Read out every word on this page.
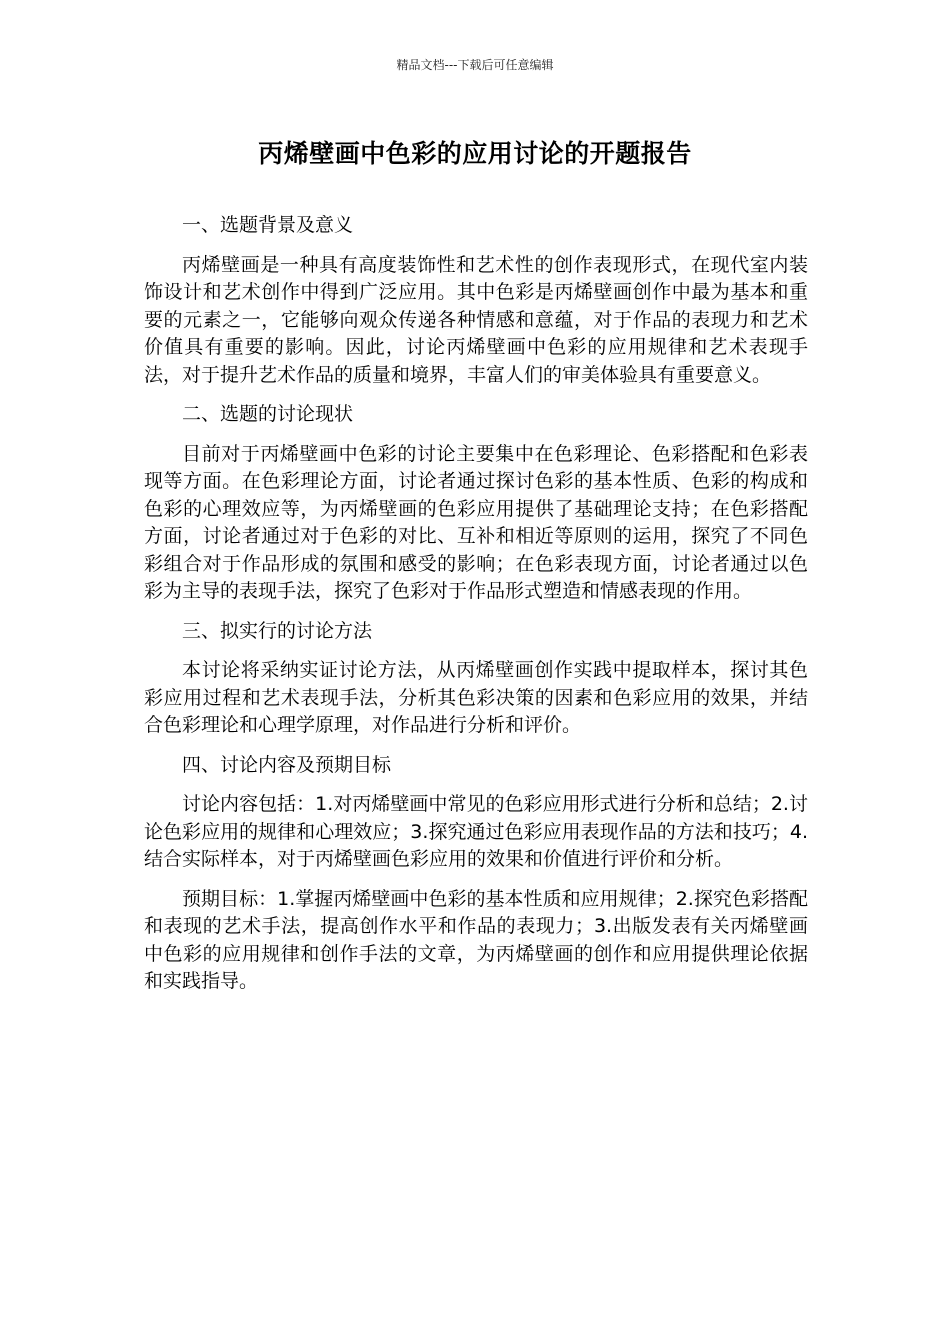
精品文档---下载后可任意编辑
丙烯壁画中色彩的应用讨论的开题报告

一、选题背景及意义

丙烯壁画是一种具有高度装饰性和艺术性的创作表现形式，在现代室内装饰设计和艺术创作中得到广泛应用。其中色彩是丙烯壁画创作中最为基本和重要的元素之一，它能够向观众传递各种情感和意蕴，对于作品的表现力和艺术价值具有重要的影响。因此，讨论丙烯壁画中色彩的应用规律和艺术表现手法，对于提升艺术作品的质量和境界，丰富人们的审美体验具有重要意义。

二、选题的讨论现状

目前对于丙烯壁画中色彩的讨论主要集中在色彩理论、色彩搭配和色彩表现等方面。在色彩理论方面，讨论者通过探讨色彩的基本性质、色彩的构成和色彩的心理效应等，为丙烯壁画的色彩应用提供了基础理论支持；在色彩搭配方面，讨论者通过对于色彩的对比、互补和相近等原则的运用，探究了不同色彩组合对于作品形成的氛围和感受的影响；在色彩表现方面，讨论者通过以色彩为主导的表现手法，探究了色彩对于作品形式塑造和情感表现的作用。

三、拟实行的讨论方法

本讨论将采纳实证讨论方法，从丙烯壁画创作实践中提取样本，探讨其色彩应用过程和艺术表现手法，分析其色彩决策的因素和色彩应用的效果，并结合色彩理论和心理学原理，对作品进行分析和评价。

四、讨论内容及预期目标

讨论内容包括：1.对丙烯壁画中常见的色彩应用形式进行分析和总结；2.讨论色彩应用的规律和心理效应；3.探究通过色彩应用表现作品的方法和技巧；4.结合实际样本，对于丙烯壁画色彩应用的效果和价值进行评价和分析。

预期目标：1.掌握丙烯壁画中色彩的基本性质和应用规律；2.探究色彩搭配和表现的艺术手法，提高创作水平和作品的表现力；3.出版发表有关丙烯壁画中色彩的应用规律和创作手法的文章，为丙烯壁画的创作和应用提供理论依据和实践指导。
